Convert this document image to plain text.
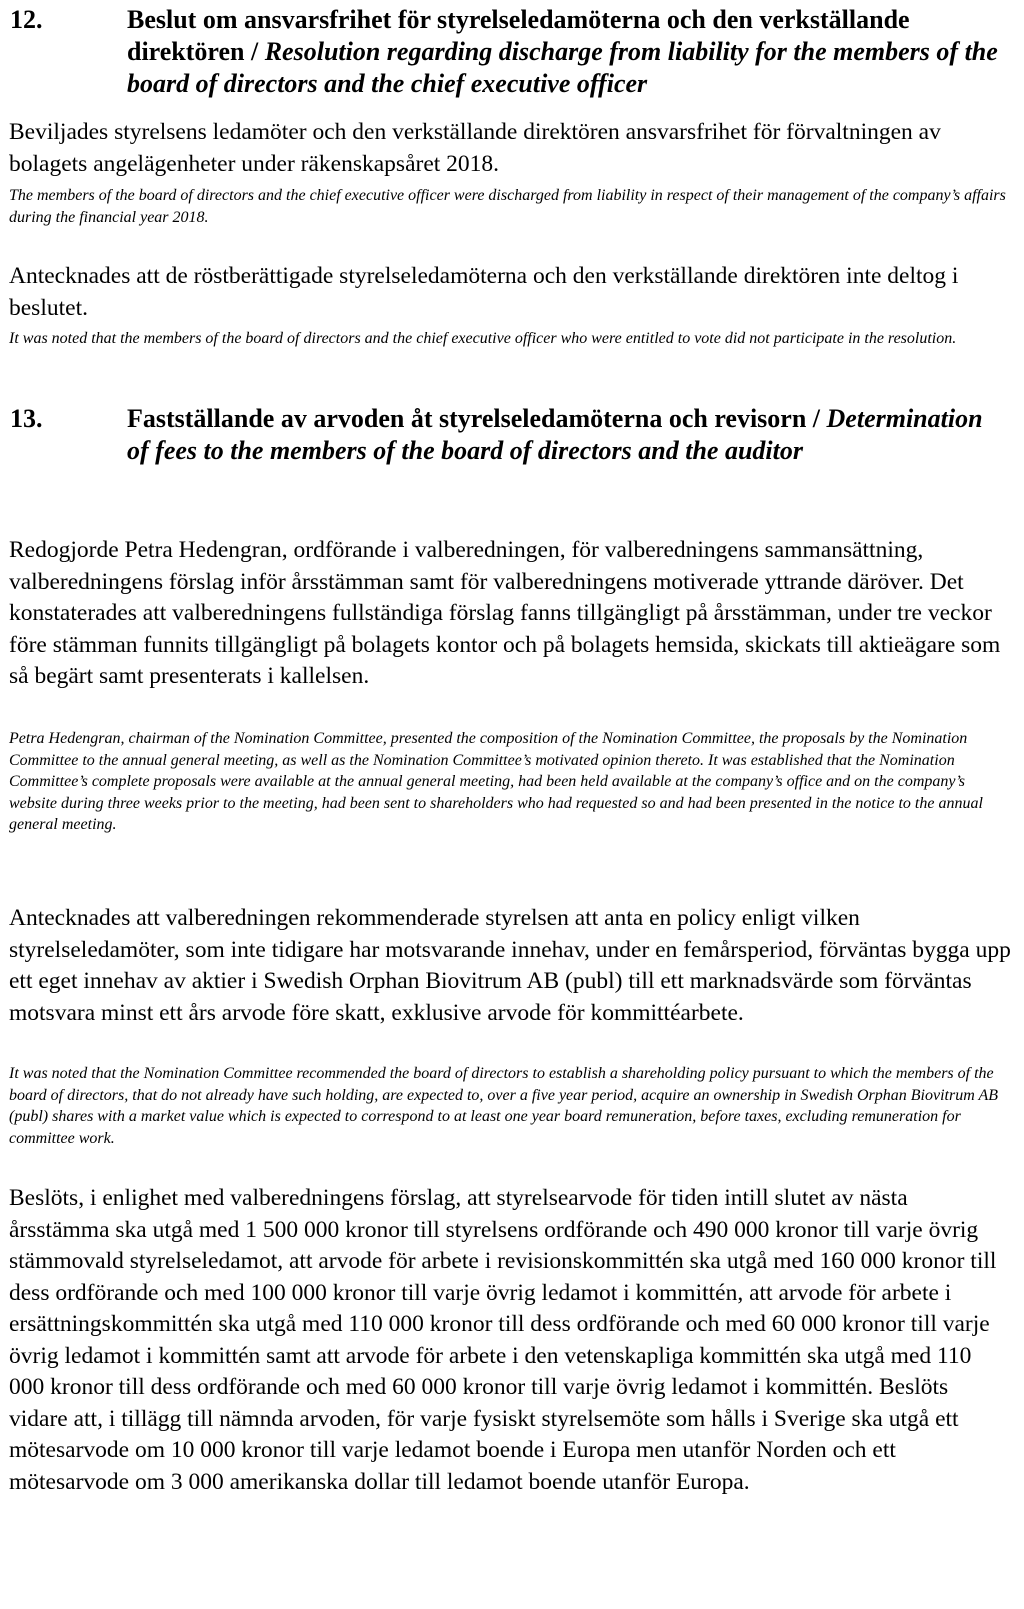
12.	Beslut om ansvarsfrihet för styrelseledamöterna och den verkställande direktören / Resolution regarding discharge from liability for the members of the board of directors and the chief executive officer

Beviljades styrelsens ledamöter och den verkställande direktören ansvarsfrihet för förvaltningen av bolagets angelägenheter under räkenskapsåret 2018.

The members of the board of directors and the chief executive officer were discharged from liability in respect of their management of the company’s affairs during the financial year 2018.

Antecknades att de röstberättigade styrelseledamöterna och den verkställande direktören inte deltog i beslutet.

It was noted that the members of the board of directors and the chief executive officer who were entitled to vote did not participate in the resolution.

13.	Fastställande av arvoden åt styrelseledamöterna och revisorn / Determination of fees to the members of the board of directors and the auditor

Redogjorde Petra Hedengran, ordförande i valberedningen, för valberedningens sammansättning, valberedningens förslag inför årsstämman samt för valberedningens motiverade yttrande däröver. Det konstaterades att valberedningens fullständiga förslag fanns tillgängligt på årsstämman, under tre veckor före stämman funnits tillgängligt på bolagets kontor och på bolagets hemsida, skickats till aktieägare som så begärt samt presenterats i kallelsen.

Petra Hedengran, chairman of the Nomination Committee, presented the composition of the Nomination Committee, the proposals by the Nomination Committee to the annual general meeting, as well as the Nomination Committee’s motivated opinion thereto. It was established that the Nomination Committee’s complete proposals were available at the annual general meeting, had been held available at the company’s office and on the company’s website during three weeks prior to the meeting, had been sent to shareholders who had requested so and had been presented in the notice to the annual general meeting.

Antecknades att valberedningen rekommenderade styrelsen att anta en policy enligt vilken styrelseledamöter, som inte tidigare har motsvarande innehav, under en femårsperiod, förväntas bygga upp ett eget innehav av aktier i Swedish Orphan Biovitrum AB (publ) till ett marknadsvärde som förväntas motsvara minst ett års arvode före skatt, exklusive arvode för kommittéarbete.

It was noted that the Nomination Committee recommended the board of directors to establish a shareholding policy pursuant to which the members of the board of directors, that do not already have such holding, are expected to, over a five year period, acquire an ownership in Swedish Orphan Biovitrum AB (publ) shares with a market value which is expected to correspond to at least one year board remuneration, before taxes, excluding remuneration for committee work.

Beslöts, i enlighet med valberedningens förslag, att styrelsearvode för tiden intill slutet av nästa årsstämma ska utgå med 1 500 000 kronor till styrelsens ordförande och 490 000 kronor till varje övrig stämmovald styrelseledamot, att arvode för arbete i revisionskommittén ska utgå med 160 000 kronor till dess ordförande och med 100 000 kronor till varje övrig ledamot i kommittén, att arvode för arbete i ersättningskommittén ska utgå med 110 000 kronor till dess ordförande och med 60 000 kronor till varje övrig ledamot i kommittén samt att arvode för arbete i den vetenskapliga kommittén ska utgå med 110 000 kronor till dess ordförande och med 60 000 kronor till varje övrig ledamot i kommittén. Beslöts vidare att, i tillägg till nämnda arvoden, för varje fysiskt styrelsemöte som hålls i Sverige ska utgå ett mötesarvode om 10 000 kronor till varje ledamot boende i Europa men utanför Norden och ett mötesarvode om 3 000 amerikanska dollar till ledamot boende utanför Europa.
